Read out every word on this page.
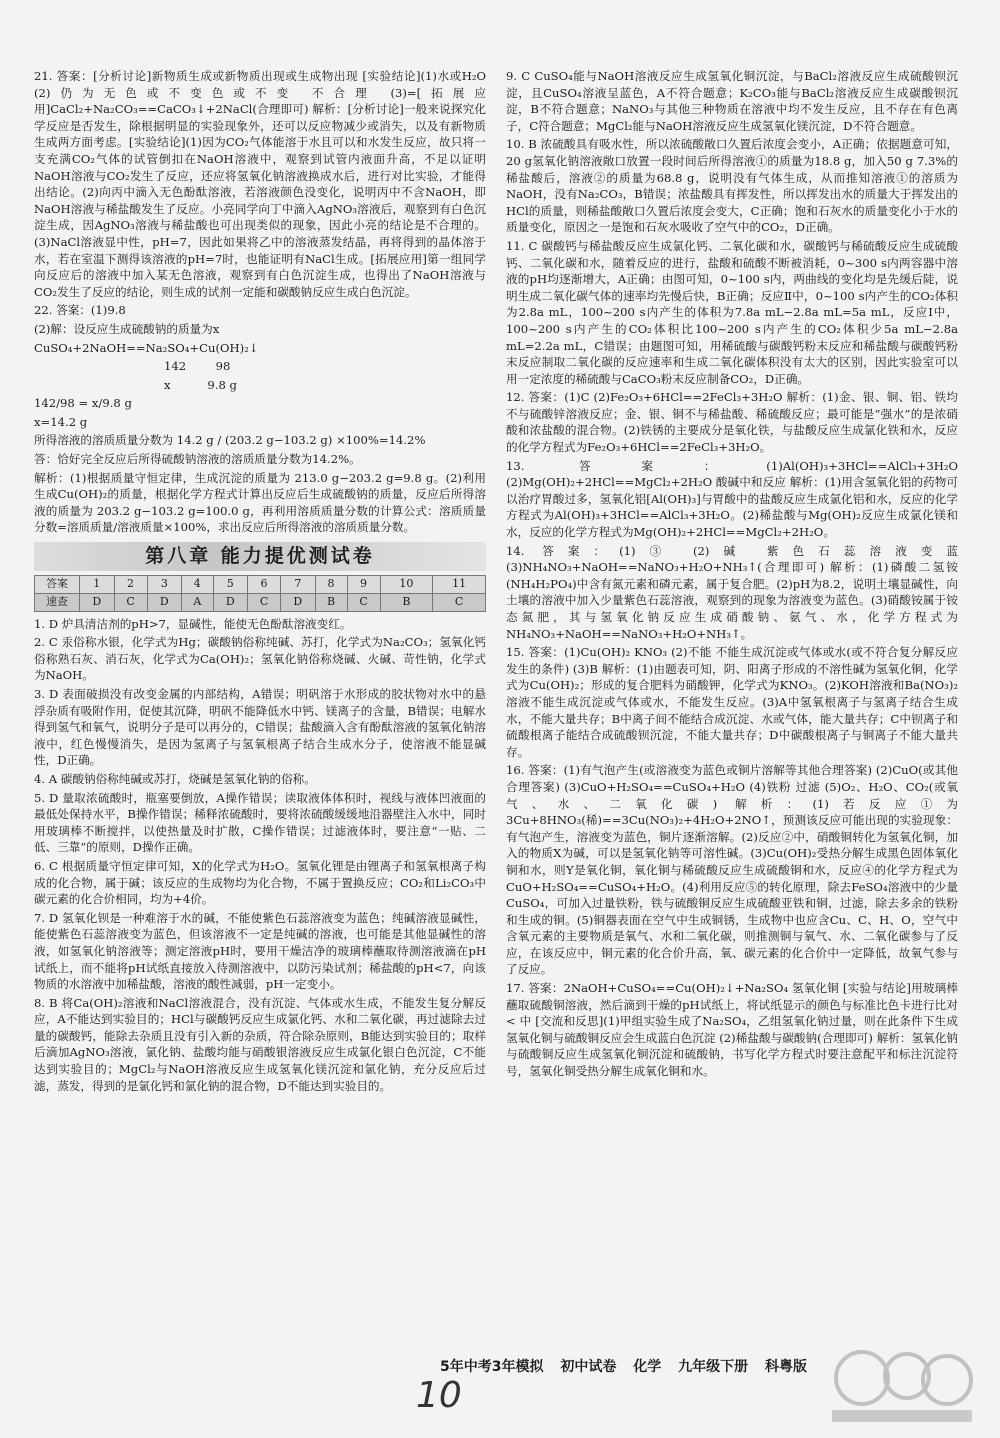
21. 答案：[分析讨论]新物质生成或新物质出现或生成物出现 [实验结论](1)水或H₂O (2)仍为无色或不变色或不变 不合理 (3)=[拓展应用]CaCl₂+Na₂CO₃==CaCO₃↓+2NaCl(合理即可) 解析：[分析讨论]一般来说探究化学反应是否发生，除根据明显的实验现象外，还可以反应物减少或消失，以及有新物质生成两方面考虑。[实验结论](1)因为CO₂气体能溶于水且可以和水发生反应，故只将一支充满CO₂气体的试管倒扣在NaOH溶液中，观察到试管内液面升高，不足以证明NaOH溶液与CO₂发生了反应，还应将氢氧化钠溶液换成水后，进行对比实验，才能得出结论。(2)向丙中滴入无色酚酞溶液，若溶液颜色没变化，说明丙中不含NaOH，即NaOH溶液与稀盐酸发生了反应。小亮同学向丁中滴入AgNO₃溶液后，观察到有白色沉淀生成，因AgNO₃溶液与稀盐酸也可出现类似的现象，因此小亮的结论是不合理的。(3)NaCl溶液显中性，pH=7，因此如果将乙中的溶液蒸发结晶，再将得到的晶体溶于水，若在室温下测得该溶液的pH=7时，也能证明有NaCl生成。[拓展应用]第一组同学向反应后的溶液中加入某无色溶液，观察到有白色沉淀生成，也得出了NaOH溶液与CO₂发生了反应的结论，则生成的试剂一定能和碳酸钠反应生成白色沉淀。

22. 答案：(1)9.8

(2)解：设反应生成硫酸钠的质量为x

CuSO₄+2NaOH==Na₂SO₄+Cu(OH)₂↓
142        98
x          9.8 g
142/98 = x/9.8 g
x=14.2 g

所得溶液的溶质质量分数为 14.2 g / (203.2 g−103.2 g) ×100%=14.2%

答：恰好完全反应后所得硫酸钠溶液的溶质质量分数为14.2%。

解析：(1)根据质量守恒定律，生成沉淀的质量为 213.0 g−203.2 g=9.8 g。(2)利用生成Cu(OH)₂的质量，根据化学方程式计算出反应后生成硫酸钠的质量，反应后所得溶液的质量为 203.2 g−103.2 g=100.0 g，再利用溶质质量分数的计算公式：溶质质量分数=溶质质量/溶液质量×100%，求出反应后所得溶液的溶质质量分数。

第八章 能力提优测试卷
答案	1	2	3	4	5	6	7	8	9	10	11
速查	D	C	D	A	D	C	D	B	C	B	C

1. D 炉具清洁剂的pH>7，显碱性，能使无色酚酞溶液变红。

2. C 汞俗称水银，化学式为Hg；碳酸钠俗称纯碱、苏打，化学式为Na₂CO₃；氢氧化钙俗称熟石灰、消石灰，化学式为Ca(OH)₂；氢氧化钠俗称烧碱、火碱、苛性钠，化学式为NaOH。

3. D 表面破损没有改变金属的内部结构，A错误；明矾溶于水形成的胶状物对水中的悬浮杂质有吸附作用，促使其沉降，明矾不能降低水中钙、镁离子的含量，B错误；电解水得到氢气和氧气，说明分子是可以再分的，C错误；盐酸滴入含有酚酞溶液的氢氧化钠溶液中，红色慢慢消失，是因为氢离子与氢氧根离子结合生成水分子，使溶液不能显碱性，D正确。

4. A 碳酸钠俗称纯碱或苏打，烧碱是氢氧化钠的俗称。

5. D 量取浓硫酸时，瓶塞要倒放，A操作错误；读取液体体积时，视线与液体凹液面的最低处保持水平，B操作错误；稀释浓硫酸时，要将浓硫酸缓缓地沿器壁注入水中，同时用玻璃棒不断搅拌，以使热量及时扩散，C操作错误；过滤液体时，要注意“一贴、二低、三靠”的原则，D操作正确。

6. C 根据质量守恒定律可知，X的化学式为H₂O。氢氧化锂是由锂离子和氢氧根离子构成的化合物，属于碱；该反应的生成物均为化合物，不属于置换反应；CO₂和Li₂CO₃中碳元素的化合价相同，均为+4价。

7. D 氢氧化钡是一种难溶于水的碱，不能使紫色石蕊溶液变为蓝色；纯碱溶液显碱性，能使紫色石蕊溶液变为蓝色，但该溶液不一定是纯碱的溶液，也可能是其他显碱性的溶液，如氢氧化钠溶液等；测定溶液pH时，要用干燥洁净的玻璃棒蘸取待测溶液滴在pH试纸上，而不能将pH试纸直接放入待测溶液中，以防污染试剂；稀盐酸的pH<7，向该物质的水溶液中加稀盐酸，溶液的酸性减弱，pH一定变小。

8. B 将Ca(OH)₂溶液和NaCl溶液混合，没有沉淀、气体或水生成，不能发生复分解反应，A不能达到实验目的；HCl与碳酸钙反应生成氯化钙、水和二氧化碳，再过滤除去过量的碳酸钙，能除去杂质且没有引入新的杂质，符合除杂原则，B能达到实验目的；取样后滴加AgNO₃溶液，氯化钠、盐酸均能与硝酸银溶液反应生成氯化银白色沉淀，C不能达到实验目的；MgCl₂与NaOH溶液反应生成氢氧化镁沉淀和氯化钠，充分反应后过滤，蒸发，得到的是氯化钙和氯化钠的混合物，D不能达到实验目的。

9. C CuSO₄能与NaOH溶液反应生成氢氧化铜沉淀，与BaCl₂溶液反应生成硫酸钡沉淀，且CuSO₄溶液呈蓝色，A不符合题意；K₂CO₃能与BaCl₂溶液反应生成碳酸钡沉淀，B不符合题意；NaNO₃与其他三种物质在溶液中均不发生反应，且不存在有色离子，C符合题意；MgCl₂能与NaOH溶液反应生成氢氧化镁沉淀，D不符合题意。

10. B 浓硫酸具有吸水性，所以浓硫酸敞口久置后浓度会变小，A正确；依据题意可知，20 g氢氧化钠溶液敞口放置一段时间后所得溶液①的质量为18.8 g，加入50 g 7.3%的稀盐酸后，溶液②的质量为68.8 g，说明没有气体生成，从而推知溶液①的溶质为NaOH，没有Na₂CO₃，B错误；浓盐酸具有挥发性，所以挥发出水的质量大于挥发出的HCl的质量，则稀盐酸敞口久置后浓度会变大，C正确；饱和石灰水的质量变化小于水的质量变化，原因之一是饱和石灰水吸收了空气中的CO₂，D正确。

11. C 碳酸钙与稀盐酸反应生成氯化钙、二氧化碳和水，碳酸钙与稀硫酸反应生成硫酸钙、二氧化碳和水，随着反应的进行，盐酸和硫酸不断被消耗，0~300 s内两容器中溶液的pH均逐渐增大，A正确；由图可知，0~100 s内，两曲线的变化均是先缓后陡，说明生成二氧化碳气体的速率均先慢后快，B正确；反应Ⅱ中，0~100 s内产生的CO₂体积为2.8a mL，100~200 s内产生的体积为7.8a mL−2.8a mL=5a mL，反应Ⅰ中，100~200 s内产生的CO₂体积比100~200 s内产生的CO₂体积少5a mL−2.8a mL=2.2a mL，C错误；由题图可知，用稀硫酸与碳酸钙粉末反应和稀盐酸与碳酸钙粉末反应制取二氧化碳的反应速率和生成二氧化碳体积没有太大的区别，因此实验室可以用一定浓度的稀硫酸与CaCO₃粉末反应制备CO₂，D正确。

12. 答案：(1)C (2)Fe₂O₃+6HCl==2FeCl₃+3H₂O 解析：(1)金、银、铜、铝、铁均不与硫酸锌溶液反应；金、银、铜不与稀盐酸、稀硫酸反应；最可能是“强水”的是浓硝酸和浓盐酸的混合物。(2)铁锈的主要成分是氧化铁，与盐酸反应生成氯化铁和水，反应的化学方程式为Fe₂O₃+6HCl==2FeCl₃+3H₂O。

13. 答案：(1)Al(OH)₃+3HCl==AlCl₃+3H₂O (2)Mg(OH)₂+2HCl==MgCl₂+2H₂O 酸碱中和反应 解析：(1)用含氢氧化铝的药物可以治疗胃酸过多，氢氧化铝[Al(OH)₃]与胃酸中的盐酸反应生成氯化铝和水，反应的化学方程式为Al(OH)₃+3HCl==AlCl₃+3H₂O。(2)稀盐酸与Mg(OH)₂反应生成氯化镁和水，反应的化学方程式为Mg(OH)₂+2HCl==MgCl₂+2H₂O。

14. 答案：(1)③ (2)碱 紫色石蕊溶液变蓝 (3)NH₄NO₃+NaOH==NaNO₃+H₂O+NH₃↑(合理即可) 解析：(1)磷酸二氢铵(NH₄H₂PO₄)中含有氮元素和磷元素，属于复合肥。(2)pH为8.2，说明土壤显碱性，向土壤的溶液中加入少量紫色石蕊溶液，观察到的现象为溶液变为蓝色。(3)硝酸铵属于铵态氮肥，其与氢氧化钠反应生成硝酸钠、氨气、水，化学方程式为NH₄NO₃+NaOH==NaNO₃+H₂O+NH₃↑。

15. 答案：(1)Cu(OH)₂ KNO₃ (2)不能 不能生成沉淀或气体或水(或不符合复分解反应发生的条件) (3)B 解析：(1)由题表可知，阴、阳离子形成的不溶性碱为氢氧化铜，化学式为Cu(OH)₂；形成的复合肥料为硝酸钾，化学式为KNO₃。(2)KOH溶液和Ba(NO₃)₂溶液不能生成沉淀或气体或水，不能发生反应。(3)A中氢氧根离子与氢离子结合生成水，不能大量共存；B中离子间不能结合成沉淀、水或气体，能大量共存；C中钡离子和硫酸根离子能结合成硫酸钡沉淀，不能大量共存；D中碳酸根离子与铜离子不能大量共存。

16. 答案：(1)有气泡产生(或溶液变为蓝色或铜片溶解等其他合理答案) (2)CuO(或其他合理答案) (3)CuO+H₂SO₄==CuSO₄+H₂O (4)铁粉 过滤 (5)O₂、H₂O、CO₂(或氧气、水、二氧化碳) 解析：(1)若反应①为3Cu+8HNO₃(稀)==3Cu(NO₃)₂+4H₂O+2NO↑，预测该反应可能出现的实验现象：有气泡产生，溶液变为蓝色，铜片逐渐溶解。(2)反应②中，硝酸铜转化为氢氧化铜，加入的物质X为碱，可以是氢氧化钠等可溶性碱。(3)Cu(OH)₂受热分解生成黑色固体氧化铜和水，则Y是氧化铜，氧化铜与稀硫酸反应生成硫酸铜和水，反应④的化学方程式为CuO+H₂SO₄==CuSO₄+H₂O。(4)利用反应⑤的转化原理，除去FeSO₄溶液中的少量CuSO₄，可加入过量铁粉，铁与硫酸铜反应生成硫酸亚铁和铜，过滤，除去多余的铁粉和生成的铜。(5)铜器表面在空气中生成铜锈，生成物中也应含Cu、C、H、O，空气中含氧元素的主要物质是氧气、水和二氧化碳，则推测铜与氧气、水、二氧化碳参与了反应，在该反应中，铜元素的化合价升高，氧、碳元素的化合价中一定降低，故氧气参与了反应。

17. 答案：2NaOH+CuSO₄==Cu(OH)₂↓+Na₂SO₄ 氢氧化铜 [实验与结论]用玻璃棒蘸取硫酸铜溶液，然后滴到干燥的pH试纸上，将试纸显示的颜色与标准比色卡进行比对 < 中 [交流和反思](1)甲组实验生成了Na₂SO₄，乙组氢氧化钠过量，则在此条件下生成氢氧化铜与硫酸铜反应会生成蓝白色沉淀 (2)稀盐酸与碳酸钠(合理即可) 解析：氢氧化钠与硫酸铜反应生成氢氧化铜沉淀和硫酸钠，书写化学方程式时要注意配平和标注沉淀符号，氢氧化铜受热分解生成氧化铜和水。

5年中考3年模拟 初中试卷 化学 九年级下册 科粤版
10
